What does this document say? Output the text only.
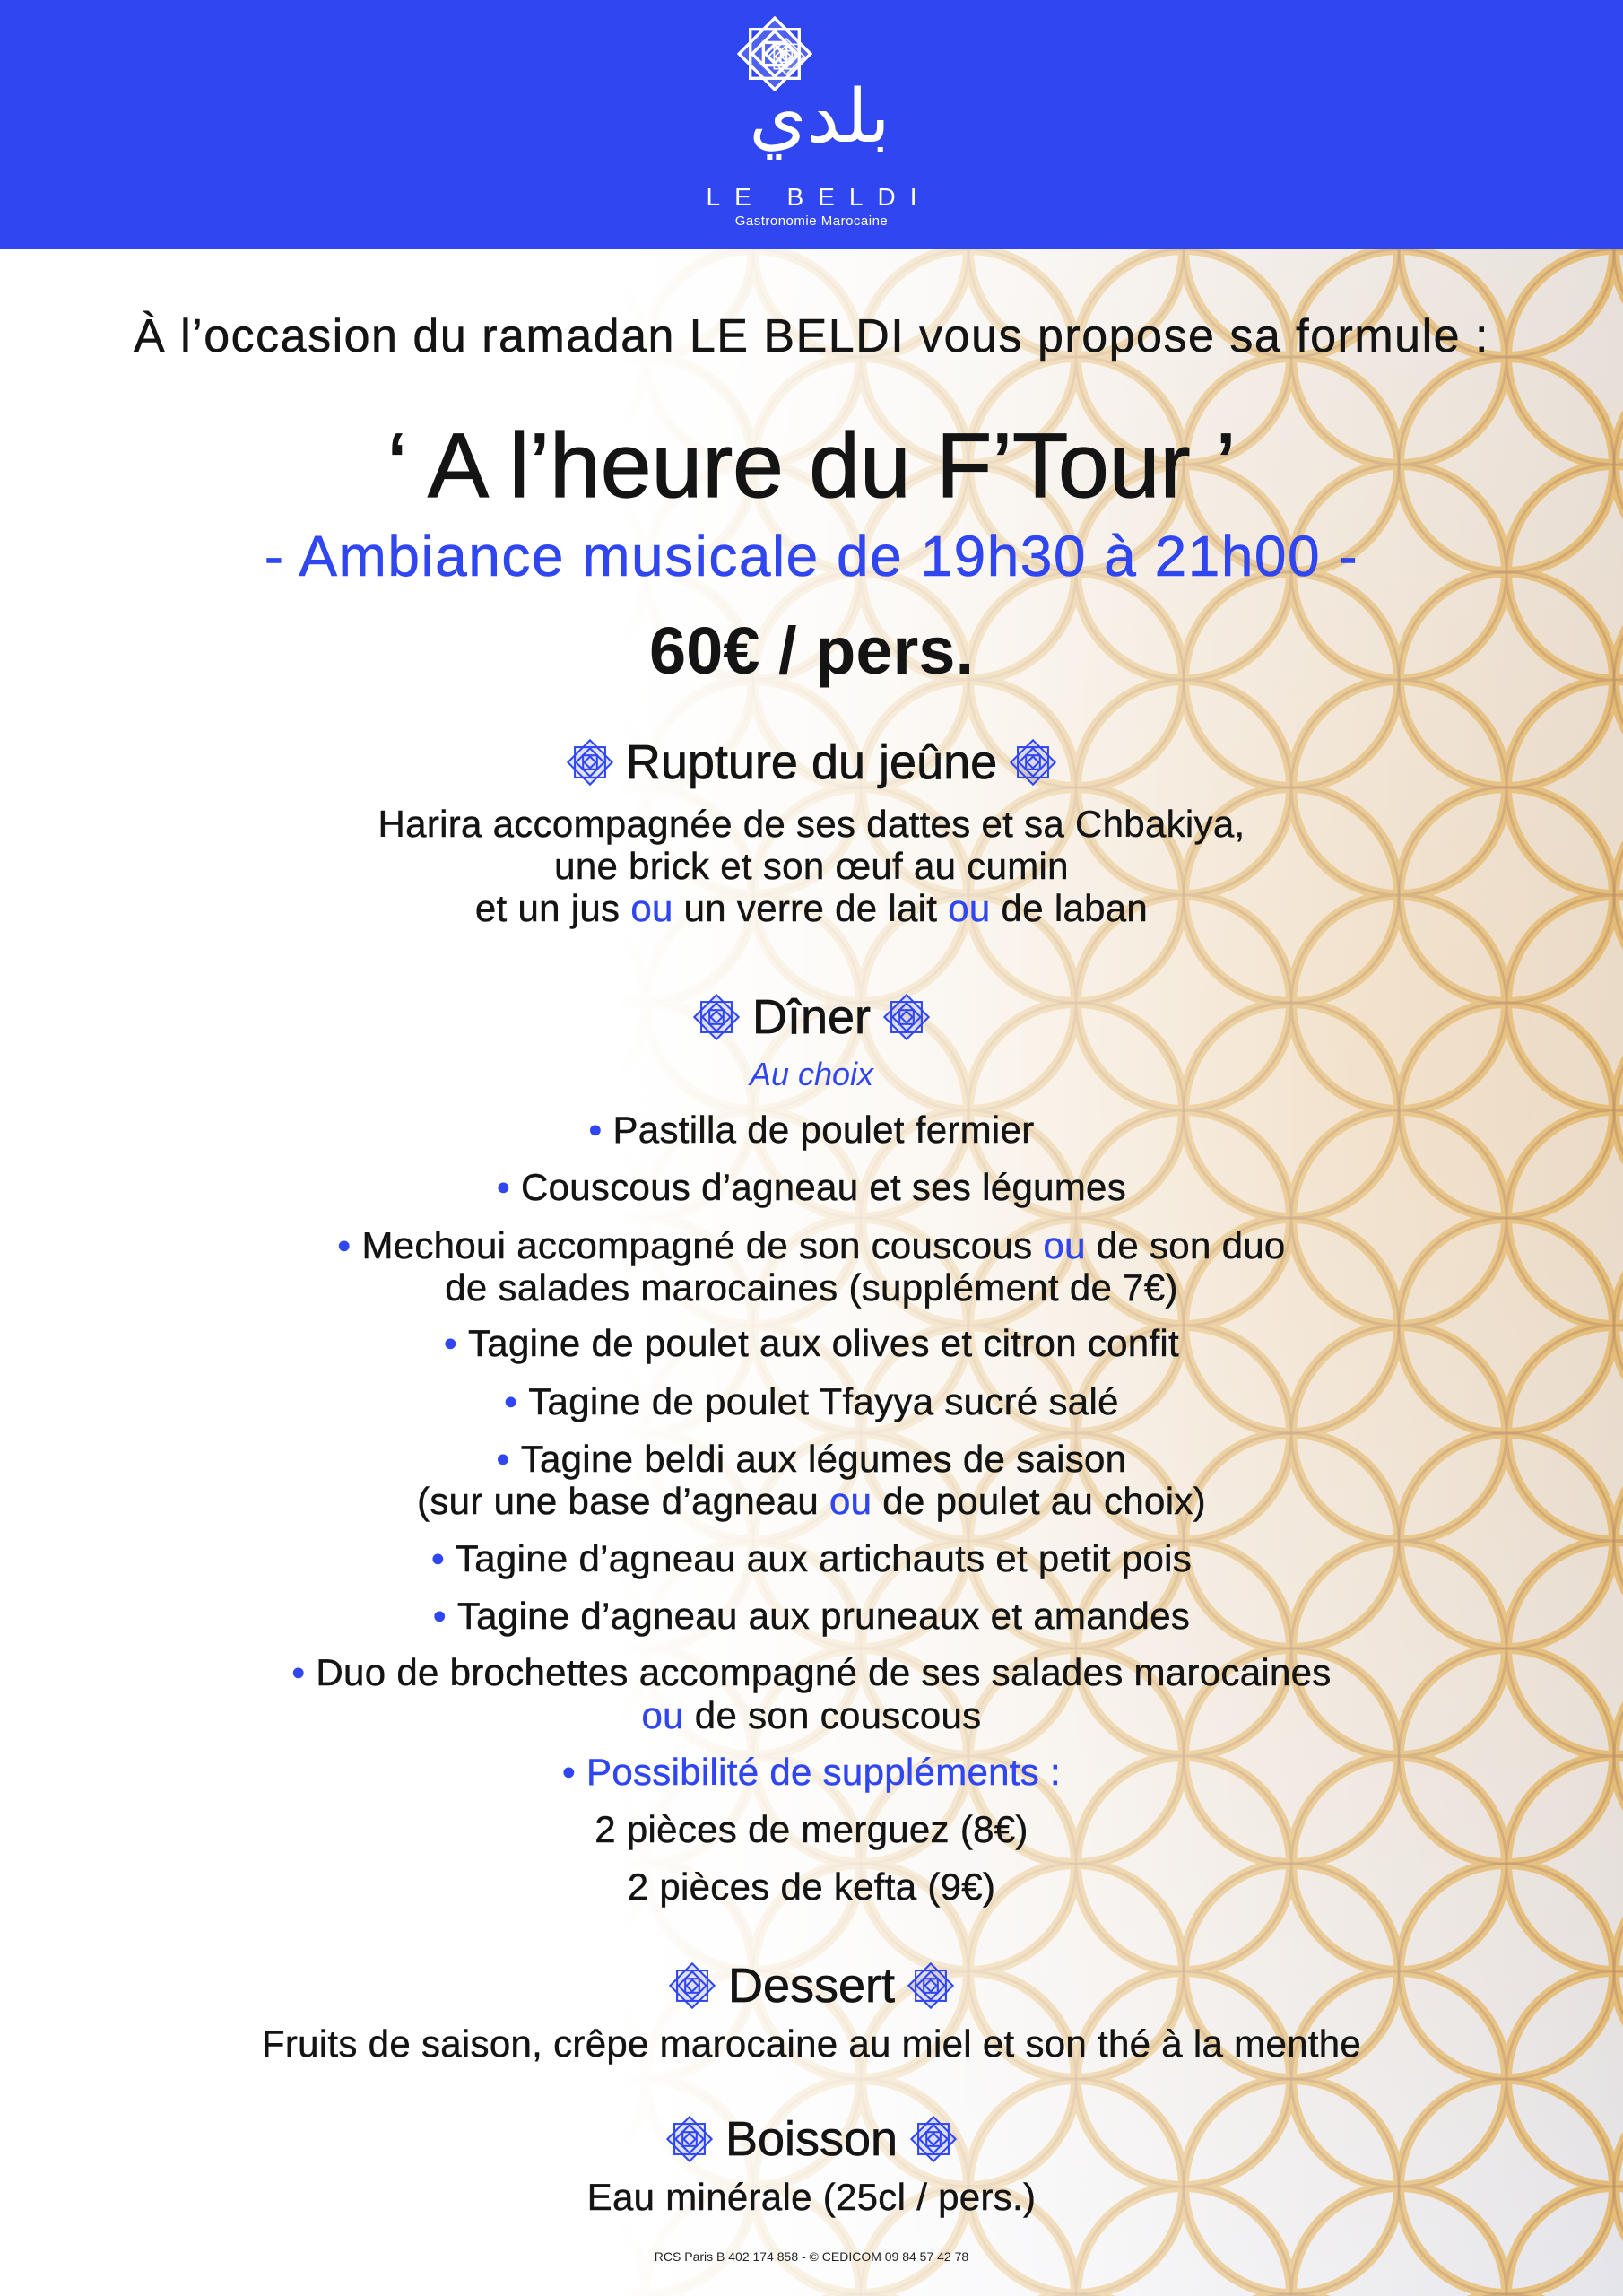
بلدي
LE BELDI
Gastronomie Marocaine
À l’occasion du ramadan LE BELDI vous propose sa formule :
‘ A l’heure du F’Tour ’
- Ambiance musicale de 19h30 à 21h00 -
60€ / pers.
Rupture du jeûne
Harira accompagnée de ses dattes et sa Chbakiya,
une brick et son œuf au cumin
et un jus ou un verre de lait ou de laban
Dîner
Au choix
• Pastilla de poulet fermier
• Couscous d’agneau et ses légumes
• Mechoui accompagné de son couscous ou de son duo
de salades marocaines (supplément de 7€)
• Tagine de poulet aux olives et citron confit
• Tagine de poulet Tfayya sucré salé
• Tagine beldi aux légumes de saison
(sur une base d’agneau ou de poulet au choix)
• Tagine d’agneau aux artichauts et petit pois
• Tagine d’agneau aux pruneaux et amandes
• Duo de brochettes accompagné de ses salades marocaines
ou de son couscous
• Possibilité de suppléments :
2 pièces de merguez (8€)
2 pièces de kefta (9€)
Dessert
Fruits de saison, crêpe marocaine au miel et son thé à la menthe
Boisson
Eau minérale (25cl / pers.)
RCS Paris B 402 174 858 - © CEDICOM 09 84 57 42 78
